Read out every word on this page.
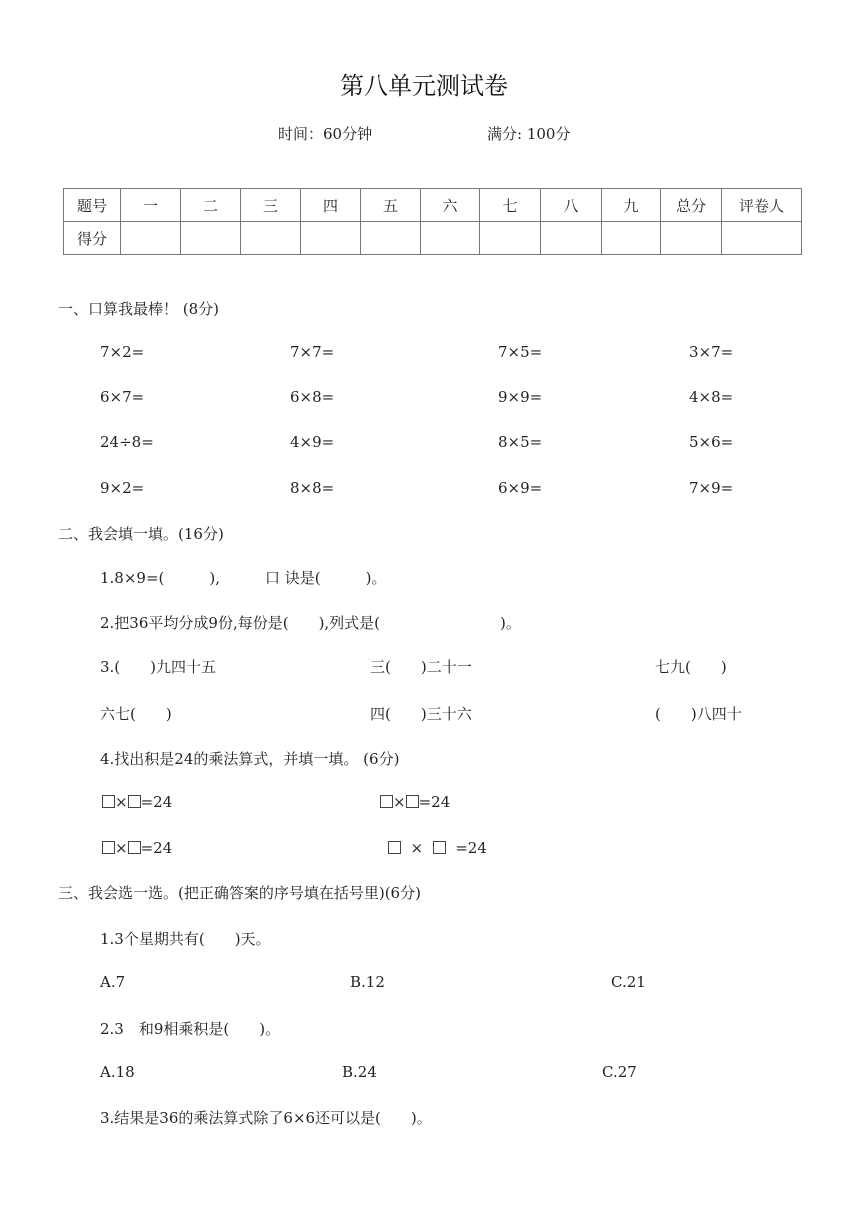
第八单元测试卷
时间：60分钟	满分: 100分
题号	一	二	三	四	五	六	七	八	九	总分	评卷人
得分											
一、口算我最棒！ (8分)
7×2=	7×7=	7×5=	3×7=
6×7=	6×8=	9×9=	4×8=
24÷8=	4×9=	8×5=	5×6=
9×2=	8×8=	6×9=	7×9=
二、我会填一填。(16分)
1.8×9=(　　　),　　　口 诀是(　　　)。
2.把36平均分成9份,每份是(　　),列式是(　　　　　　　　)。
3.(　　)九四十五	三(　　)二十一	七九(　　)
六七(　　)	四(　　)三十六	(　　)八四十
4.找出积是24的乘法算式，并填一填。 (6分)
× =24	× =24
× =24	× =24
三、我会选一选。(把正确答案的序号填在括号里)(6分)
1.3个星期共有(　　)天。
A.7	B.12	C.21
2.3　和9相乘积是(　　)。
A.18	B.24	C.27
3.结果是36的乘法算式除了6×6还可以是(　　)。
